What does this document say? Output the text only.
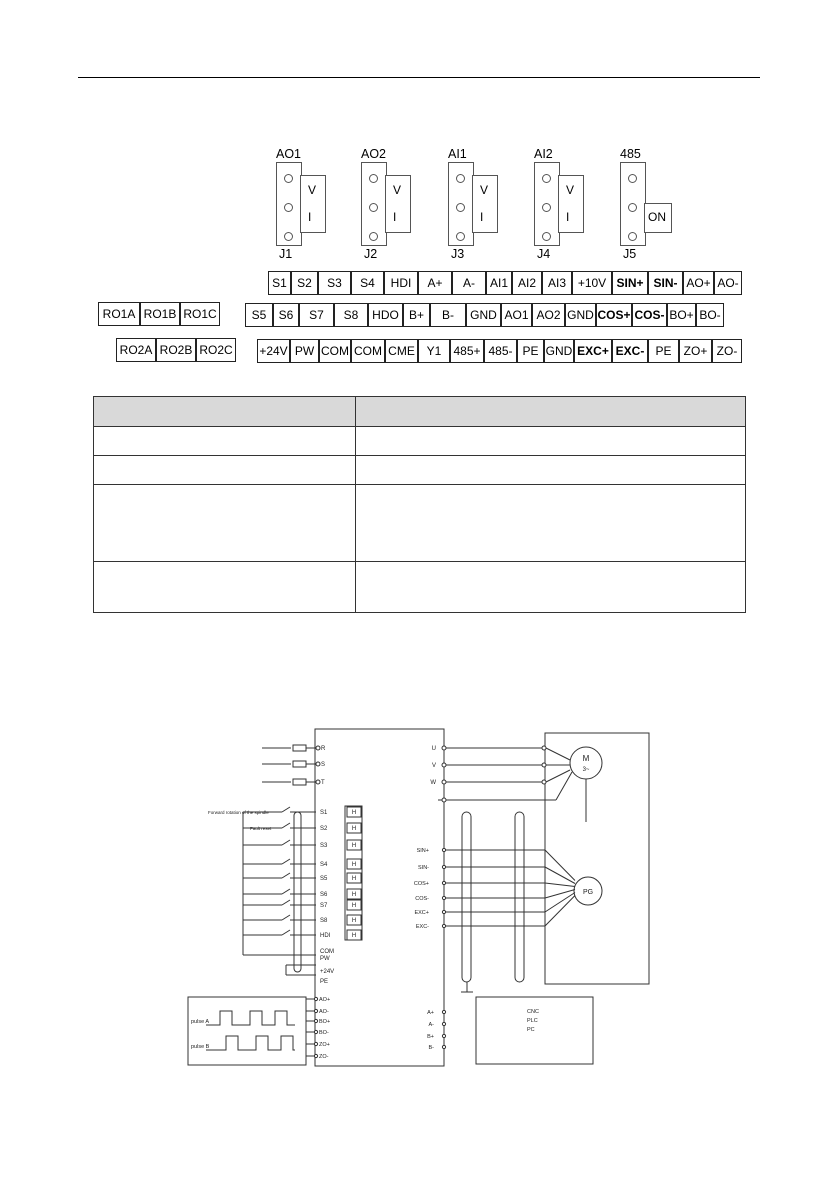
AO1
V
I
J1
AO2
V
I
J2
AI1
V
I
J3
AI2
V
I
J4
485
ON
J5
RO1A RO1B RO1C
RO2A RO2B RO2C
S1 S2	S3	S4	HDI	A+	A-	AI1 AI2 AI3 +10V SIN+ SIN- AO+ AO-
S5	S6	S7	S8	HDO B+	B-	GND AO1 AO2 GND COS+ COS- BO+ BO-
+24V PW COM COM CME Y1	485+ 485- PE GND EXC+ EXC- PE	ZO+ ZO-

R
S
T
U
V
W
M
3~
PG
SIN+
SIN-
COS+
COS-
EXC+
EXC-
S1	H
S2	H
S3	H
S4	H
S5	H
S6	H
S7	H
S8	H
HDI	H
Forward rotation of the spindle
Fault reset
COM
PW
+24V
PE
AO+
AO-
BO+
BO-
ZO+
ZO-
pulse A
pulse B
A+
A-
B+
B-
CNC
PLC
PC
